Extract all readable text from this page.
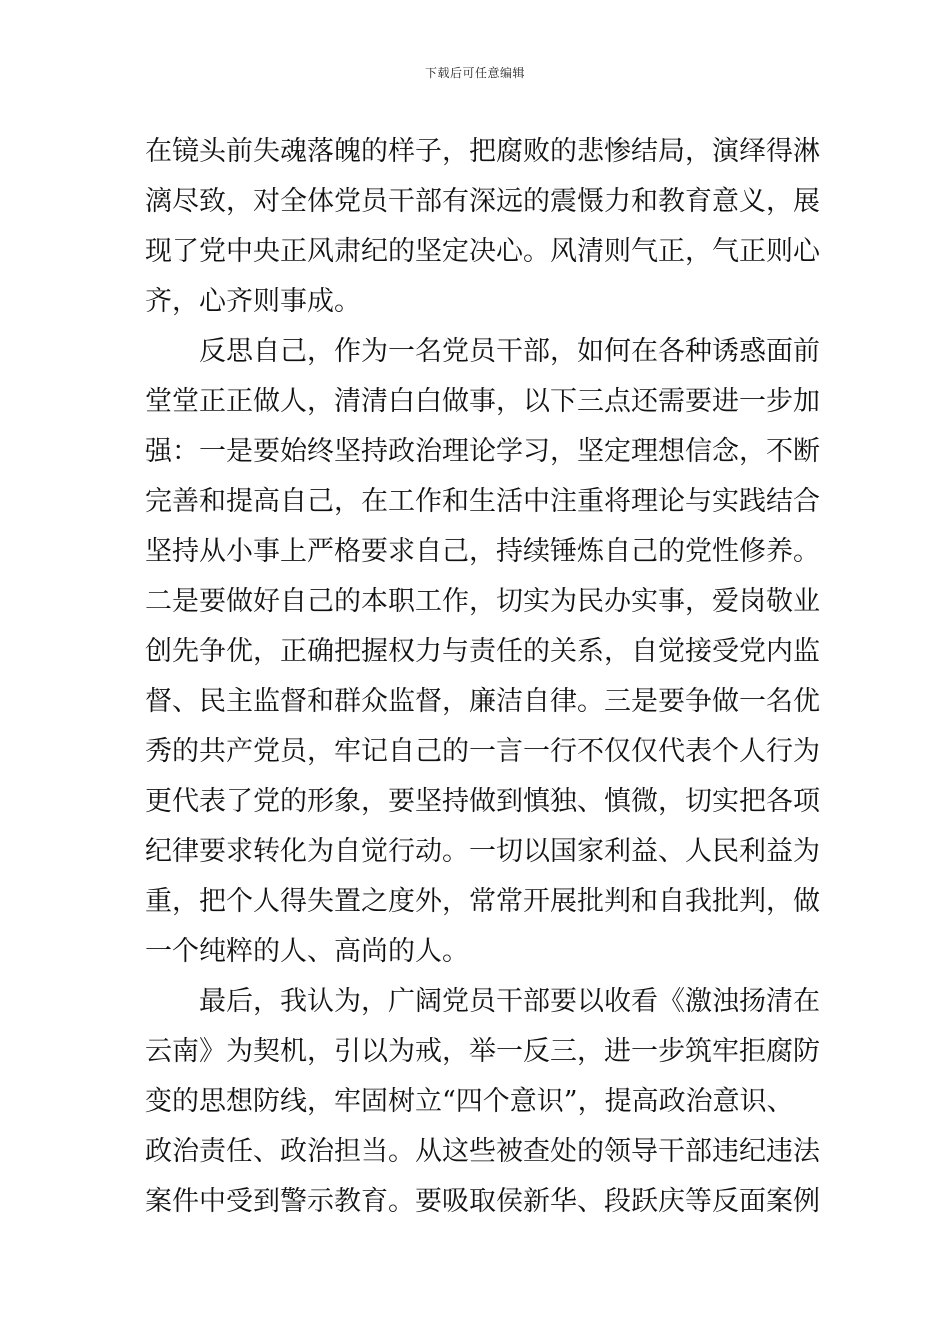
下载后可任意编辑
在镜头前失魂落魄的样子，把腐败的悲惨结局，演绎得淋
漓尽致，对全体党员干部有深远的震慑力和教育意义，展
现了党中央正风肃纪的坚定决心。风清则气正，气正则心
齐，心齐则事成。
　　反思自己，作为一名党员干部，如何在各种诱惑面前
堂堂正正做人，清清白白做事，以下三点还需要进一步加
强：一是要始终坚持政治理论学习，坚定理想信念，不断
完善和提高自己，在工作和生活中注重将理论与实践结合
坚持从小事上严格要求自己，持续锤炼自己的党性修养。
二是要做好自己的本职工作，切实为民办实事，爱岗敬业
创先争优，正确把握权力与责任的关系，自觉接受党内监
督、民主监督和群众监督，廉洁自律。三是要争做一名优
秀的共产党员，牢记自己的一言一行不仅仅代表个人行为
更代表了党的形象，要坚持做到慎独、慎微，切实把各项
纪律要求转化为自觉行动。一切以国家利益、人民利益为
重，把个人得失置之度外，常常开展批判和自我批判，做
一个纯粹的人、高尚的人。
　　最后，我认为，广阔党员干部要以收看《激浊扬清在
云南》为契机，引以为戒，举一反三，进一步筑牢拒腐防
变的思想防线，牢固树立“四个意识”，提高政治意识、
政治责任、政治担当。从这些被查处的领导干部违纪违法
案件中受到警示教育。要吸取侯新华、段跃庆等反面案例
